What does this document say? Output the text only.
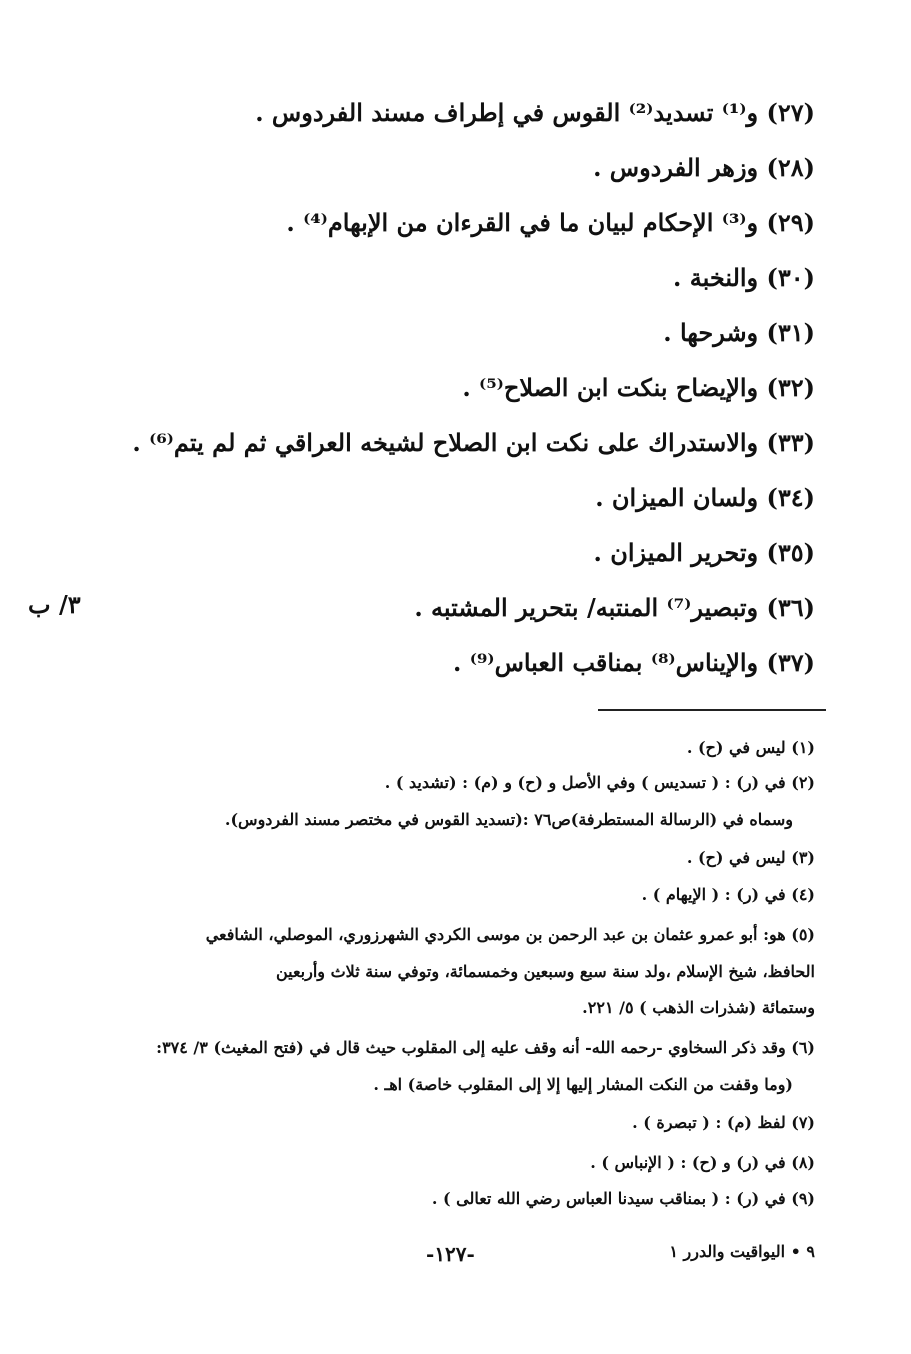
(٢٧) و⁽¹⁾ تسديد⁽²⁾ القوس في إطراف مسند الفردوس .
(٢٨) وزهر الفردوس .
(٢٩) و⁽³⁾ الإحكام لبيان ما في القرءان من الإبهام⁽⁴⁾ .
(٣٠) والنخبة .
(٣١) وشرحها .
(٣٢) والإيضاح بنكت ابن الصلاح⁽⁵⁾ .
(٣٣) والاستدراك على نكت ابن الصلاح لشيخه العراقي ثم لم يتم⁽⁶⁾ .
(٣٤) ولسان الميزان .
(٣٥) وتحرير الميزان .
(٣٦) وتبصير⁽⁷⁾ المنتبه/ بتحرير المشتبه .
(٣٧) والإيناس⁽⁸⁾ بمناقب العباس⁽⁹⁾ .
٣/ ب
(١) ليس في (ح) .
(٢) في (ر) : ( تسديس ) وفي الأصل و (ح) و (م) : (تشديد ) .
وسماه في (الرسالة المستطرفة)ص٧٦ :(تسديد القوس في مختصر مسند الفردوس).
(٣) ليس في (ح) .
(٤) في (ر) : ( الإيهام ) .
(٥) هو: أبو عمرو عثمان بن عبد الرحمن بن موسى الكردي الشهرزوري، الموصلي، الشافعي
الحافظ، شيخ الإسلام ،ولد سنة سبع وسبعين وخمسمائة، وتوفي سنة ثلاث وأربعين
وستمائة (شذرات الذهب ) ٥/ ٢٢١.
(٦) وقد ذكر السخاوي -رحمه الله- أنه وقف عليه إلى المقلوب حيث قال في (فتح المغيث) ٣/ ٣٧٤:
(وما وقفت من النكت المشار إليها إلا إلى المقلوب خاصة) اهـ .
(٧) لفظ (م) : ( تبصرة ) .
(٨) في (ر) و (ح) : ( الإنباس ) .
(٩) في (ر) : ( بمناقب سيدنا العباس رضي الله تعالى ) .
-١٢٧-	٩ • اليواقيت والدرر ١
